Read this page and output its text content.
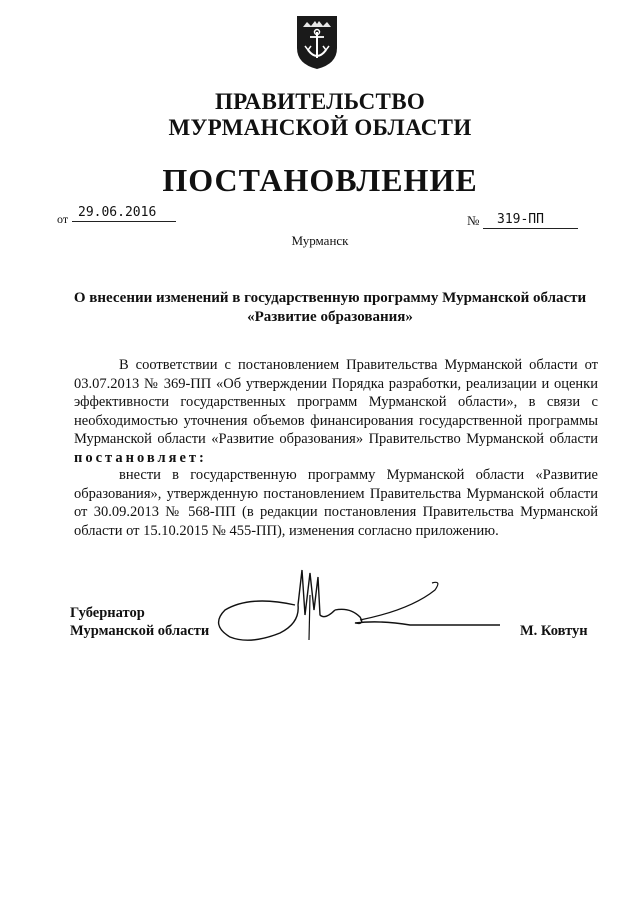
ПРАВИТЕЛЬСТВО
МУРМАНСКОЙ ОБЛАСТИ
ПОСТАНОВЛЕНИЕ
от 29.06.2016
№	319-ПП
Мурманск
О внесении изменений в государственную программу Мурманской области
«Развитие образования»
В соответствии с постановлением Правительства Мурманской области от 03.07.2013 № 369-ПП «Об утверждении Порядка разработки, реализации и оценки эффективности государственных программ Мурманской области», в связи с необходимостью уточнения объемов финансирования государственной программы Мурманской области «Развитие образования» Правительство Мурманской области постановляет:
внести в государственную программу Мурманской области «Развитие образования», утвержденную постановлением Правительства Мурманской области от 30.09.2013 № 568-ПП (в редакции постановления Правительства Мурманской области от 15.10.2015 № 455-ПП), изменения согласно приложению.
Губернатор
Мурманской области	М. Ковтун
